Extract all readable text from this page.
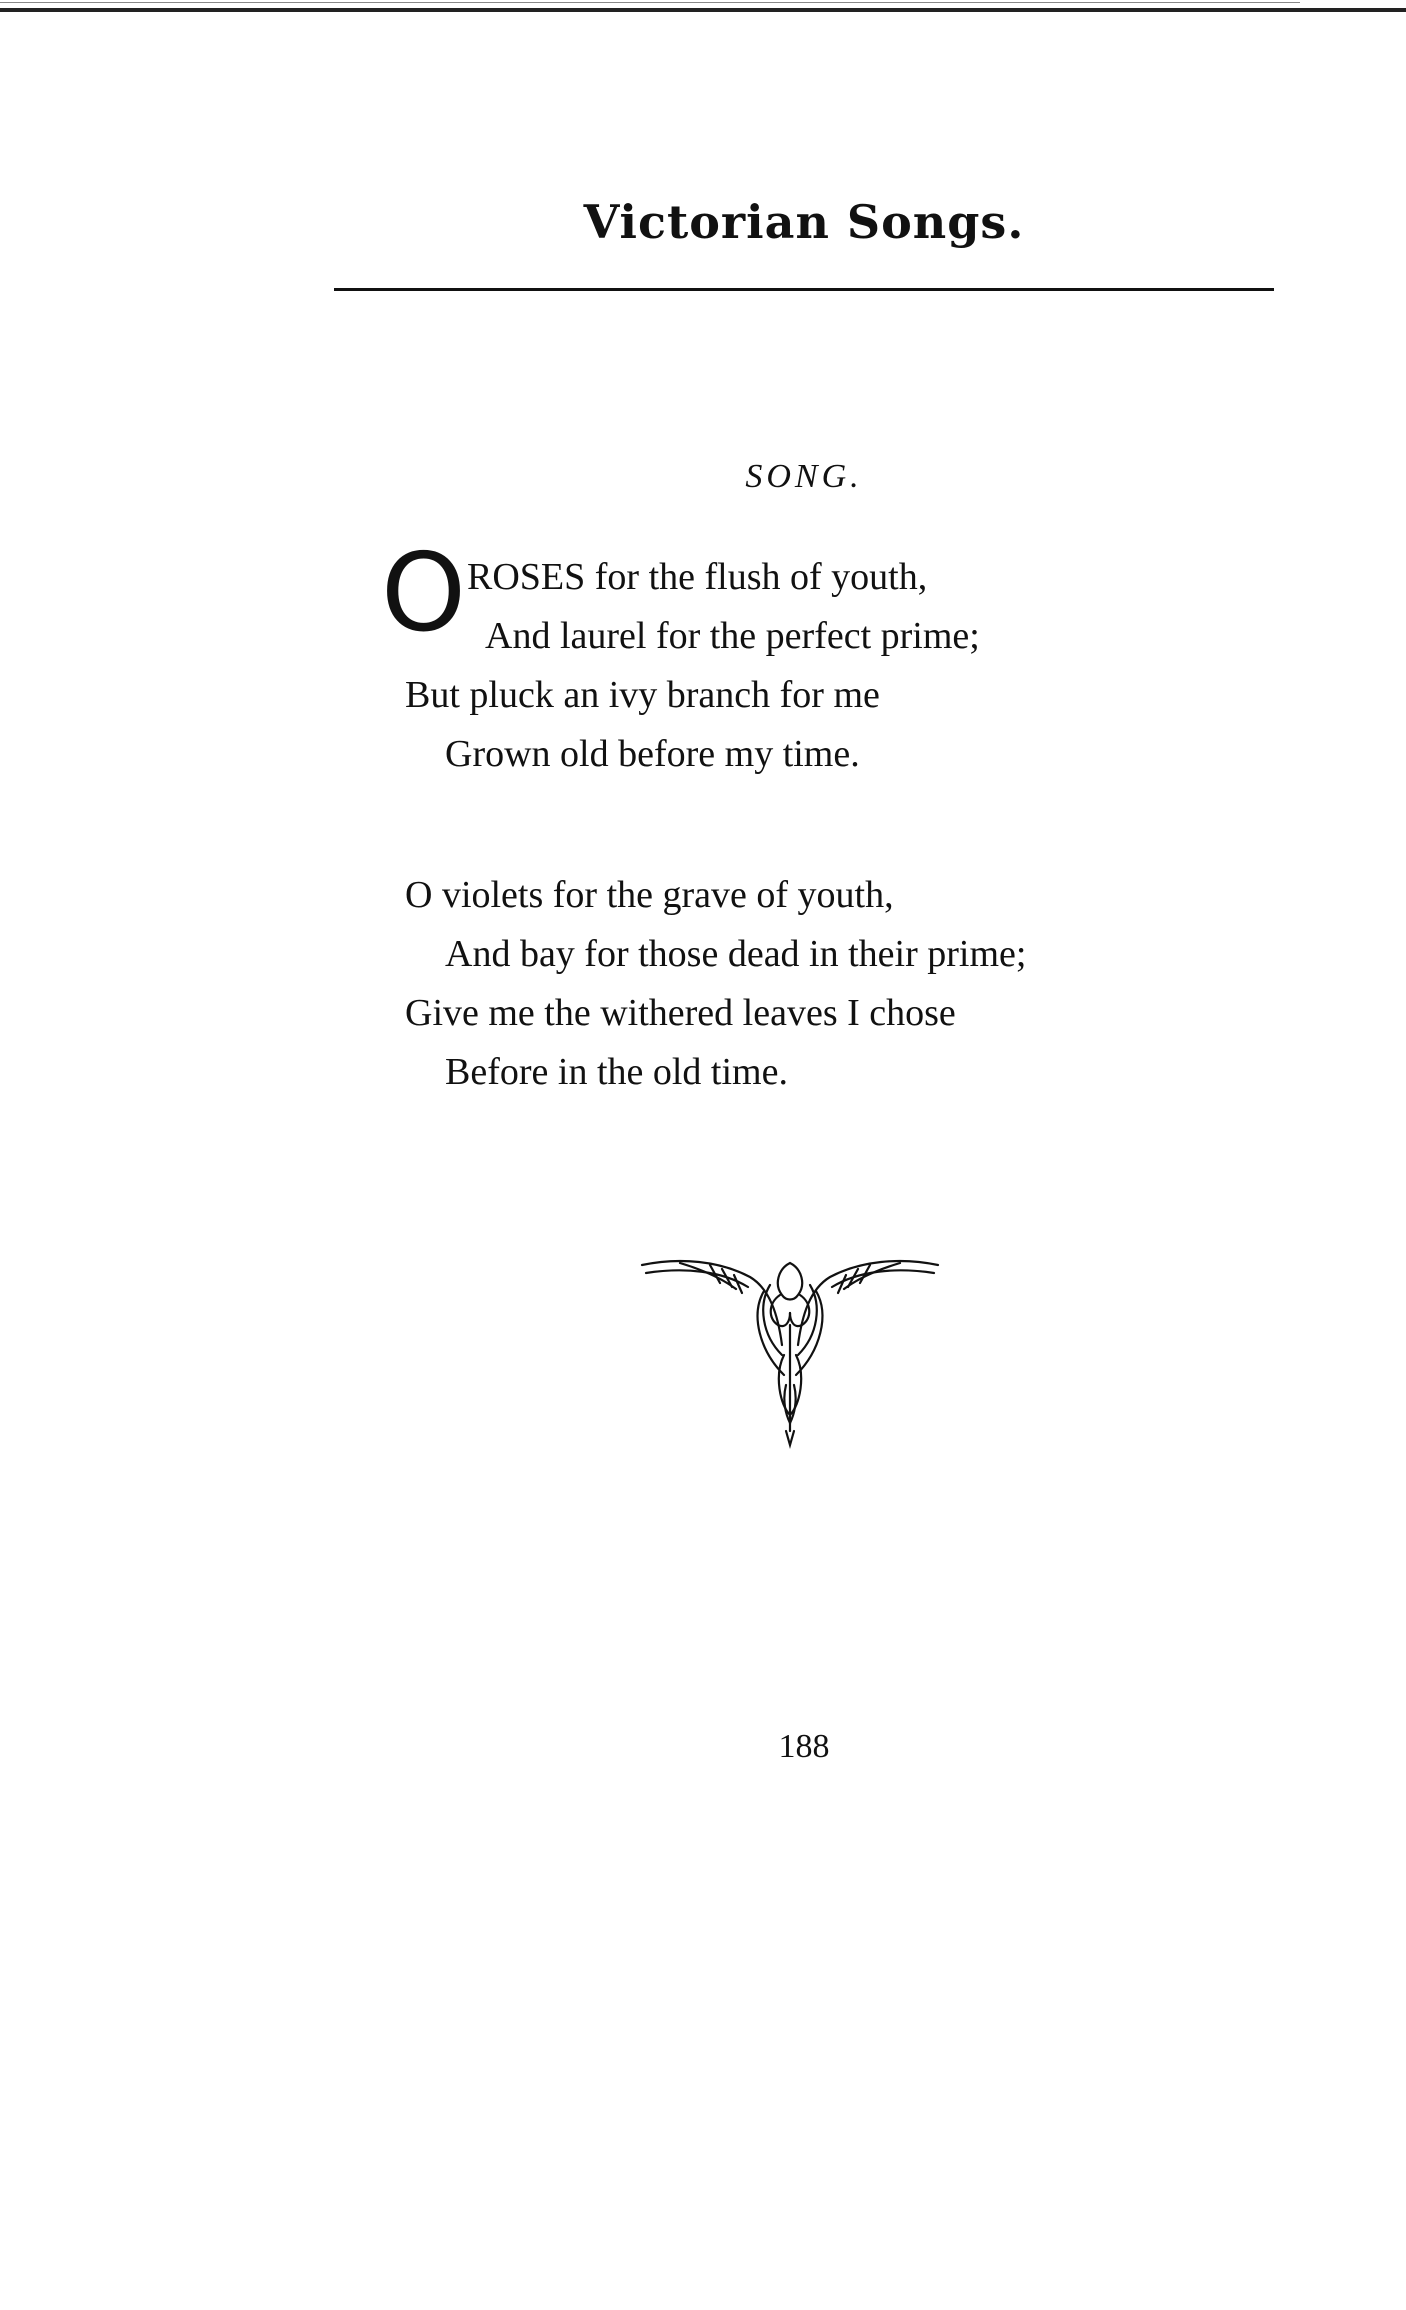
Victorian Songs.
SONG.
O ROSES for the flush of youth,
And laurel for the perfect prime;
But pluck an ivy branch for me
Grown old before my time.
O violets for the grave of youth,
And bay for those dead in their prime;
Give me the withered leaves I chose
Before in the old time.
188
